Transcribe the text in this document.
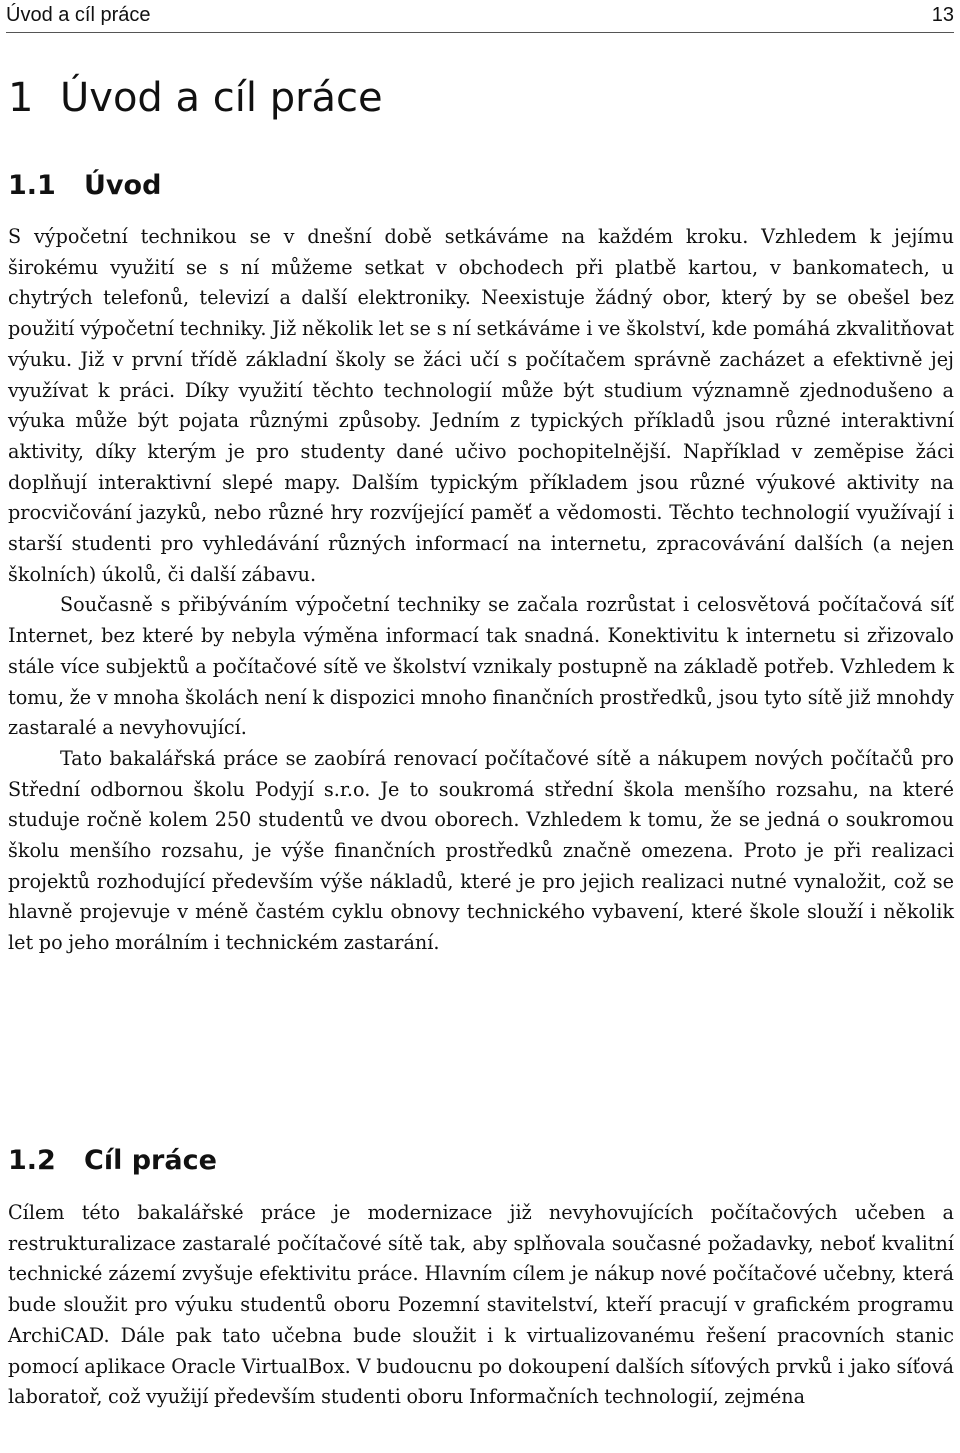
Úvod a cíl práce	13
1 Úvod a cíl práce
1.1 Úvod

S výpočetní technikou se v dnešní době setkáváme na každém kroku. Vzhledem k jejímu širokému využití se s ní můžeme setkat v obchodech při platbě kartou, v bankomatech, u chytrých telefonů, televizí a další elektroniky. Neexistuje žádný obor, který by se obešel bez použití výpočetní techniky. Již několik let se s ní setkáváme i ve školství, kde pomáhá zkvalitňovat výuku. Již v první třídě základní školy se žáci učí s počítačem správně zacházet a efektivně jej využívat k práci. Díky využití těchto technologií může být studium významně zjednodušeno a výuka může být pojata různými způsoby. Jedním z typických příkladů jsou různé interaktivní aktivity, díky kterým je pro studenty dané učivo pochopitelnější. Například v zeměpise žáci doplňují interaktivní slepé mapy. Dalším typickým příkladem jsou různé výukové aktivity na procvičování jazyků, nebo různé hry rozvíjející paměť a vědomosti. Těchto technologií využívají i starší studenti pro vyhledávání různých informací na internetu, zpracovávání dalších (a nejen školních) úkolů, či další zábavu.

Současně s přibýváním výpočetní techniky se začala rozrůstat i celosvětová počítačová síť Internet, bez které by nebyla výměna informací tak snadná. Konektivitu k internetu si zřizovalo stále více subjektů a počítačové sítě ve školství vznikaly postupně na základě potřeb. Vzhledem k tomu, že v mnoha školách není k dispozici mnoho finančních prostředků, jsou tyto sítě již mnohdy zastaralé a nevyhovující.

Tato bakalářská práce se zaobírá renovací počítačové sítě a nákupem nových počítačů pro Střední odbornou školu Podyjí s.r.o. Je to soukromá střední škola menšího rozsahu, na které studuje ročně kolem 250 studentů ve dvou oborech. Vzhledem k tomu, že se jedná o soukromou školu menšího rozsahu, je výše finančních prostředků značně omezena. Proto je při realizaci projektů rozhodující především výše nákladů, které je pro jejich realizaci nutné vynaložit, což se hlavně projevuje v méně častém cyklu obnovy technického vybavení, které škole slouží i několik let po jeho morálním i technickém zastarání.

1.2 Cíl práce

Cílem této bakalářské práce je modernizace již nevyhovujících počítačových učeben a restrukturalizace zastaralé počítačové sítě tak, aby splňovala současné požadavky, neboť kvalitní technické zázemí zvyšuje efektivitu práce. Hlavním cílem je nákup nové počítačové učebny, která bude sloužit pro výuku studentů oboru Pozemní stavitelství, kteří pracují v grafickém programu ArchiCAD. Dále pak tato učebna bude sloužit i k virtualizovanému řešení pracovních stanic pomocí aplikace Oracle VirtualBox. V budoucnu po dokoupení dalších síťových prvků i jako síťová laboratoř, což využijí především studenti oboru Informačních technologií, zejména
